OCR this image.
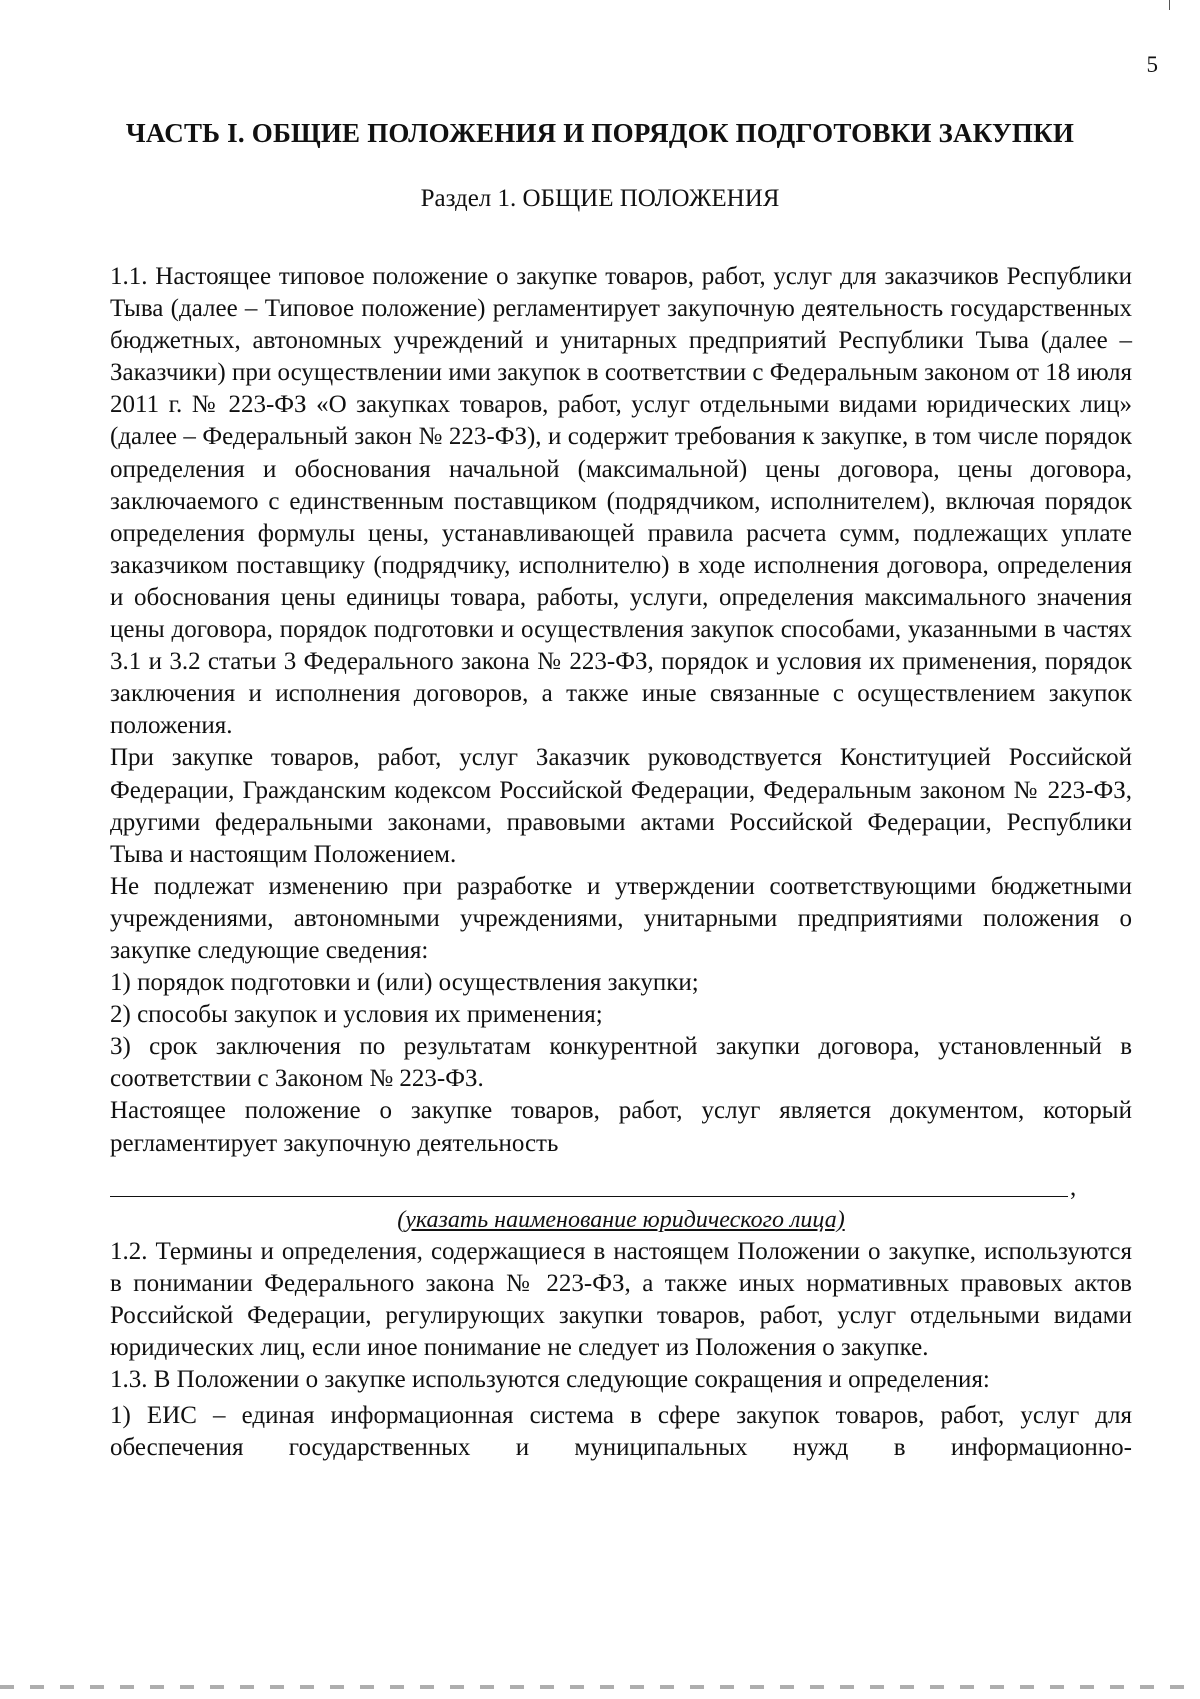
5
ЧАСТЬ I. ОБЩИЕ ПОЛОЖЕНИЯ И ПОРЯДОК ПОДГОТОВКИ ЗАКУПКИ
Раздел 1. ОБЩИЕ ПОЛОЖЕНИЯ

1.1. Настоящее типовое положение о закупке товаров, работ, услуг для заказчиков Республики Тыва (далее – Типовое положение) регламентирует закупочную деятельность государственных бюджетных, автономных учреждений и унитарных предприятий Республики Тыва (далее – Заказчики) при осуществлении ими закупок в соответствии с Федеральным законом от 18 июля 2011 г. № 223-ФЗ «О закупках товаров, работ, услуг отдельными видами юридических лиц» (далее – Федеральный закон № 223-ФЗ), и содержит требования к закупке, в том числе порядок определения и обоснования начальной (максимальной) цены договора, цены договора, заключаемого с единственным поставщиком (подрядчиком, исполнителем), включая порядок определения формулы цены, устанавливающей правила расчета сумм, подлежащих уплате заказчиком поставщику (подрядчику, исполнителю) в ходе исполнения договора, определения и обоснования цены единицы товара, работы, услуги, определения максимального значения цены договора, порядок подготовки и осуществления закупок способами, указанными в частях 3.1 и 3.2 статьи 3 Федерального закона № 223-ФЗ, порядок и условия их применения, порядок заключения и исполнения договоров, а также иные связанные с осуществлением закупок положения.

При закупке товаров, работ, услуг Заказчик руководствуется Конституцией Российской Федерации, Гражданским кодексом Российской Федерации, Федеральным законом № 223-ФЗ, другими федеральными законами, правовыми актами Российской Федерации, Республики Тыва и настоящим Положением.

Не подлежат изменению при разработке и утверждении соответствующими бюджетными учреждениями, автономными учреждениями, унитарными предприятиями положения о закупке следующие сведения:

1) порядок подготовки и (или) осуществления закупки;

2) способы закупок и условия их применения;

3) срок заключения по результатам конкурентной закупки договора, установленный в соответствии с Законом № 223-ФЗ.

Настоящее положение о закупке товаров, работ, услуг является документом, который регламентирует закупочную деятельность

,

(указать наименование юридического лица)

1.2. Термины и определения, содержащиеся в настоящем Положении о закупке, используются в понимании Федерального закона № 223-ФЗ, а также иных нормативных правовых актов Российской Федерации, регулирующих закупки товаров, работ, услуг отдельными видами юридических лиц, если иное понимание не следует из Положения о закупке.

1.3. В Положении о закупке используются следующие сокращения и определения:

1) ЕИС – единая информационная система в сфере закупок товаров, работ, услуг для обеспечения государственных и муниципальных нужд в информационно-
